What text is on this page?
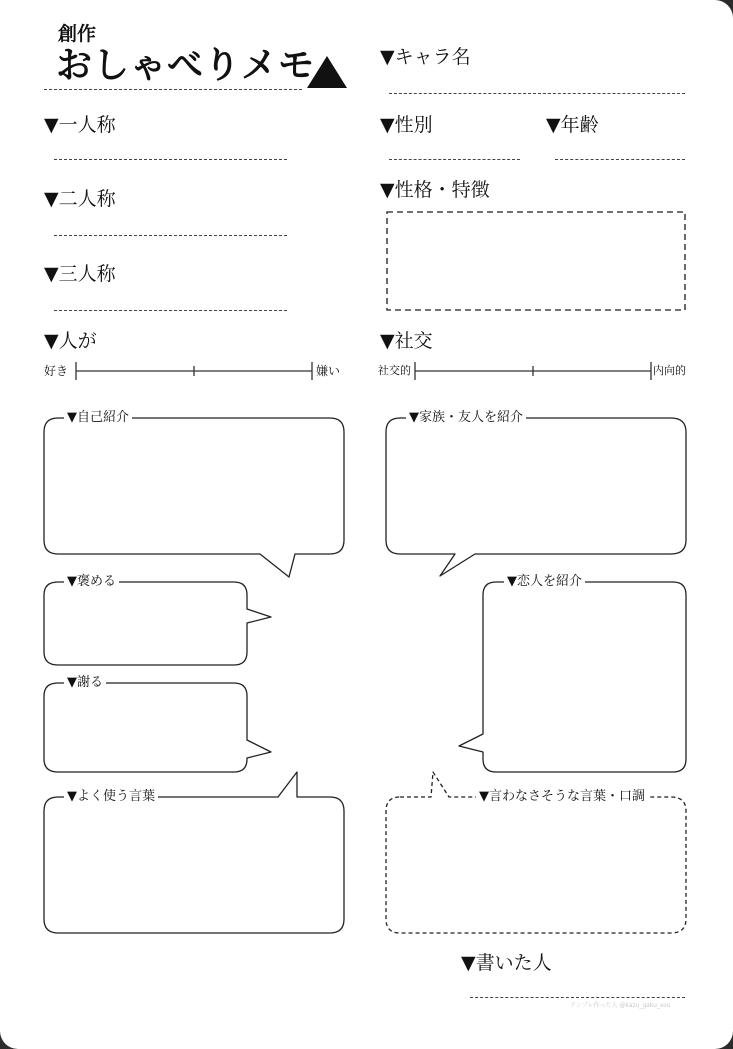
創作
おしゃべりメモ	▼キャラ名
▼一人称	▼性別	▼年齢
▼二人称	▼性格・特徴
▼三人称
▼人が
好き	嫌い
▼社交
社交的	内向的
▼自己紹介	▼家族・友人を紹介
▼褒める	▼恋人を紹介
▼謝る
▼よく使う言葉	▼言わなさそうな言葉・口調
▼書いた人
テンプレ作った人 @kazu_gaku_sou
